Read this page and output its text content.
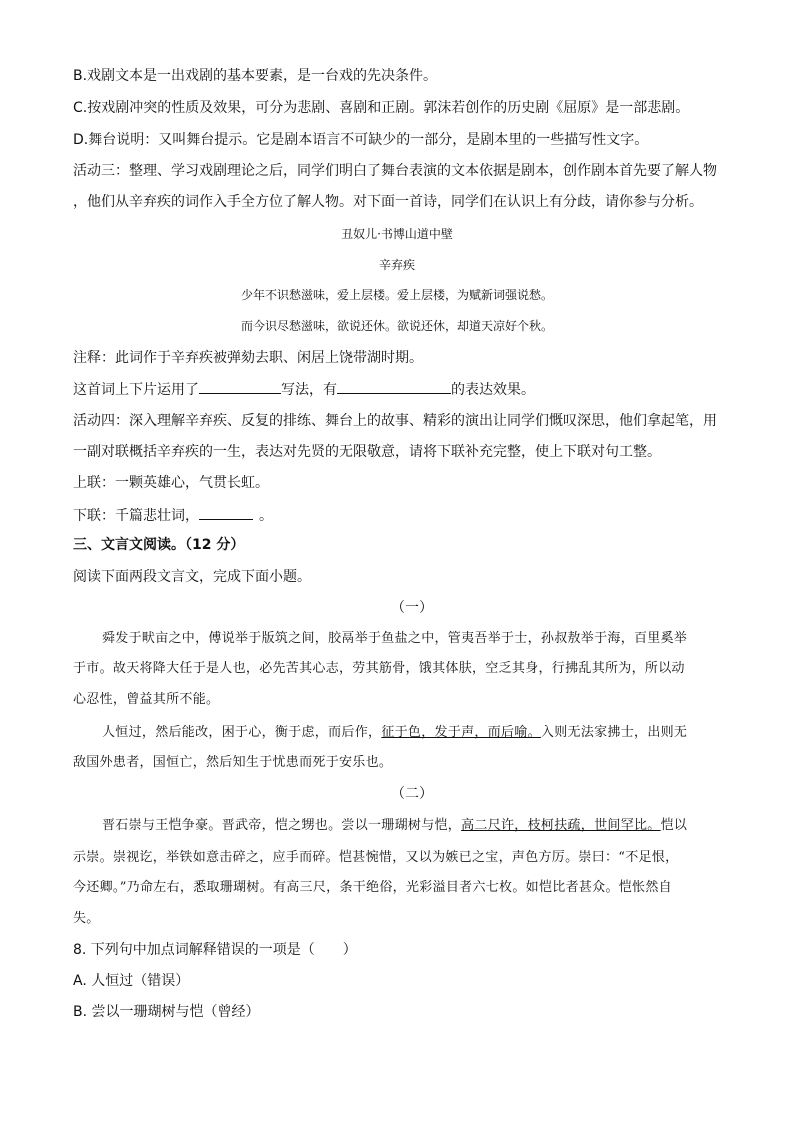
B.戏剧文本是一出戏剧的基本要素，是一台戏的先决条件。
C.按戏剧冲突的性质及效果，可分为悲剧、喜剧和正剧。郭沫若创作的历史剧《屈原》是一部悲剧。
D.舞台说明：又叫舞台提示。它是剧本语言不可缺少的一部分，是剧本里的一些描写性文字。
活动三：整理、学习戏剧理论之后，同学们明白了舞台表演的文本依据是剧本，创作剧本首先要了解人物
，他们从辛弃疾的词作入手全方位了解人物。对下面一首诗，同学们在认识上有分歧，请你参与分析。
丑奴儿·书博山道中壁
辛弃疾
少年不识愁滋味，爱上层楼。爱上层楼，为赋新词强说愁。
而今识尽愁滋味，欲说还休。欲说还休，却道天凉好个秋。
注释：此词作于辛弃疾被弹劾去职、闲居上饶带湖时期。
这首词上下片运用了	写法，有	的表达效果。
活动四：深入理解辛弃疾、反复的排练、舞台上的故事、精彩的演出让同学们慨叹深思，他们拿起笔，用
一副对联概括辛弃疾的一生，表达对先贤的无限敬意，请将下联补充完整，使上下联对句工整。
上联：一颗英雄心，气贯长虹。
下联：千篇悲壮词，	。
三、文言文阅读。（12 分）
阅读下面两段文言文，完成下面小题。
（一）
舜发于畎亩之中，傅说举于版筑之间，胶鬲举于鱼盐之中，管夷吾举于士，孙叔敖举于海，百里奚举
于市。故天将降大任于是人也，必先苦其心志，劳其筋骨，饿其体肤，空乏其身，行拂乱其所为，所以动
心忍性，曾益其所不能。
人恒过，然后能改，困于心，衡于虑，而后作，征于色，发于声，而后喻。入则无法家拂士，出则无
敌国外患者，国恒亡，然后知生于忧患而死于安乐也。
（二）
晋石崇与王恺争豪。晋武帝，恺之甥也。尝以一珊瑚树与恺，高二尺许，枝柯扶疏，世间罕比。恺以
示崇。崇视讫，举铁如意击碎之，应手而碎。恺甚惋惜，又以为嫉已之宝，声色方厉。崇曰：“不足恨，
今还卿。”乃命左右，悉取珊瑚树。有高三尺，条干绝俗，光彩溢目者六七枚。如恺比者甚众。恺怅然自
失。
8. 下列句中加点词解释错误的一项是（　　）
A. 人恒过（错误）
B. 尝以一珊瑚树与恺（曾经）
